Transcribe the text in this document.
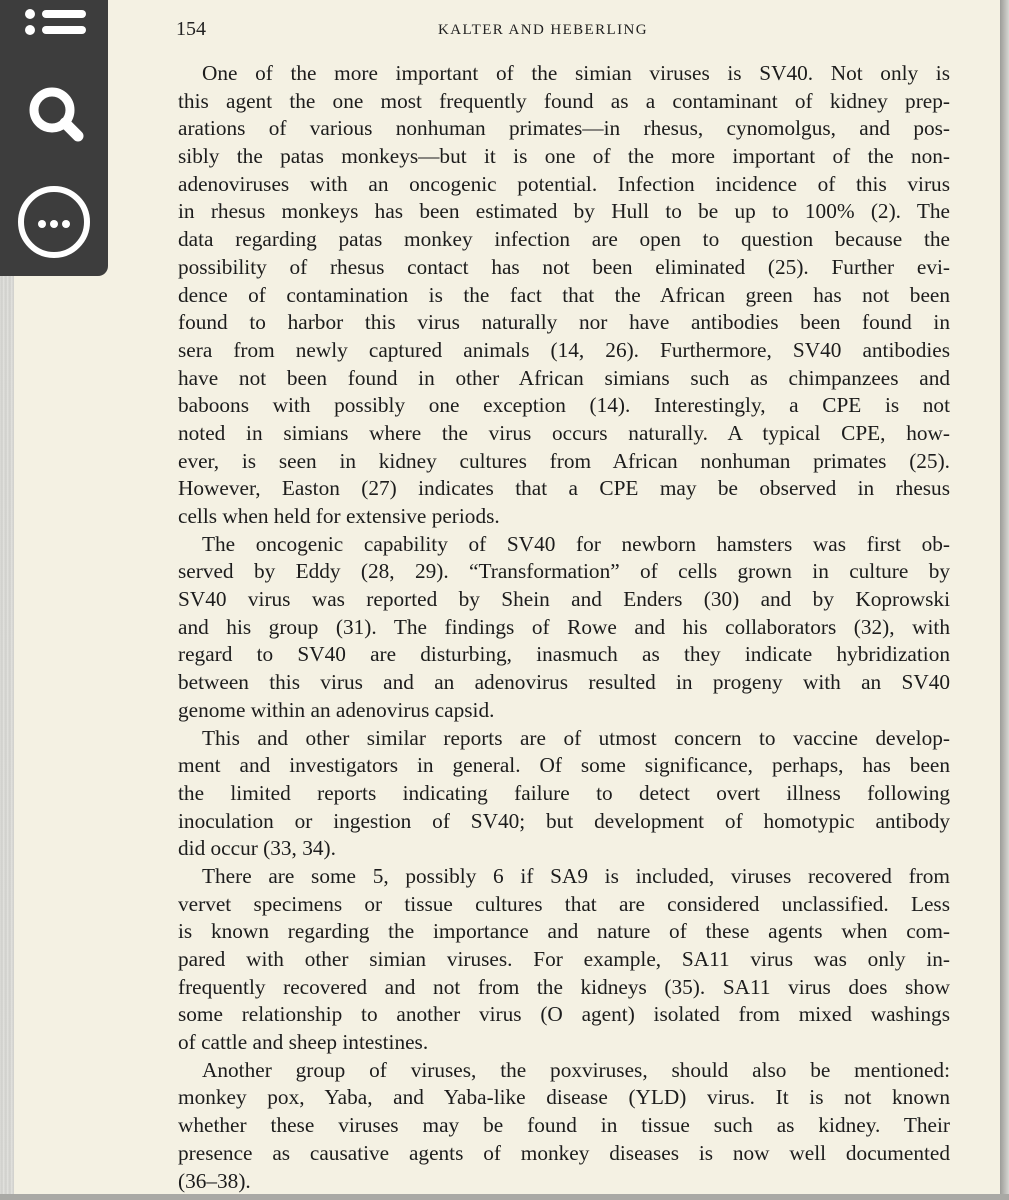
154	KALTER AND HEBERLING
One of the more important of the simian viruses is SV40. Not only is
this agent the one most frequently found as a contaminant of kidney prep-
arations of various nonhuman primates—in rhesus, cynomolgus, and pos-
sibly the patas monkeys—but it is one of the more important of the non-
adenoviruses with an oncogenic potential. Infection incidence of this virus
in rhesus monkeys has been estimated by Hull to be up to 100% (2). The
data regarding patas monkey infection are open to question because the
possibility of rhesus contact has not been eliminated (25). Further evi-
dence of contamination is the fact that the African green has not been
found to harbor this virus naturally nor have antibodies been found in
sera from newly captured animals (14, 26). Furthermore, SV40 antibodies
have not been found in other African simians such as chimpanzees and
baboons with possibly one exception (14). Interestingly, a CPE is not
noted in simians where the virus occurs naturally. A typical CPE, how-
ever, is seen in kidney cultures from African nonhuman primates (25).
However, Easton (27) indicates that a CPE may be observed in rhesus
cells when held for extensive periods.
The oncogenic capability of SV40 for newborn hamsters was first ob-
served by Eddy (28, 29). “Transformation” of cells grown in culture by
SV40 virus was reported by Shein and Enders (30) and by Koprowski
and his group (31). The findings of Rowe and his collaborators (32), with
regard to SV40 are disturbing, inasmuch as they indicate hybridization
between this virus and an adenovirus resulted in progeny with an SV40
genome within an adenovirus capsid.
This and other similar reports are of utmost concern to vaccine develop-
ment and investigators in general. Of some significance, perhaps, has been
the limited reports indicating failure to detect overt illness following
inoculation or ingestion of SV40; but development of homotypic antibody
did occur (33, 34).
There are some 5, possibly 6 if SA9 is included, viruses recovered from
vervet specimens or tissue cultures that are considered unclassified. Less
is known regarding the importance and nature of these agents when com-
pared with other simian viruses. For example, SA11 virus was only in-
frequently recovered and not from the kidneys (35). SA11 virus does show
some relationship to another virus (O agent) isolated from mixed washings
of cattle and sheep intestines.
Another group of viruses, the poxviruses, should also be mentioned:
monkey pox, Yaba, and Yaba-like disease (YLD) virus. It is not known
whether these viruses may be found in tissue such as kidney. Their
presence as causative agents of monkey diseases is now well documented
(36–38).
